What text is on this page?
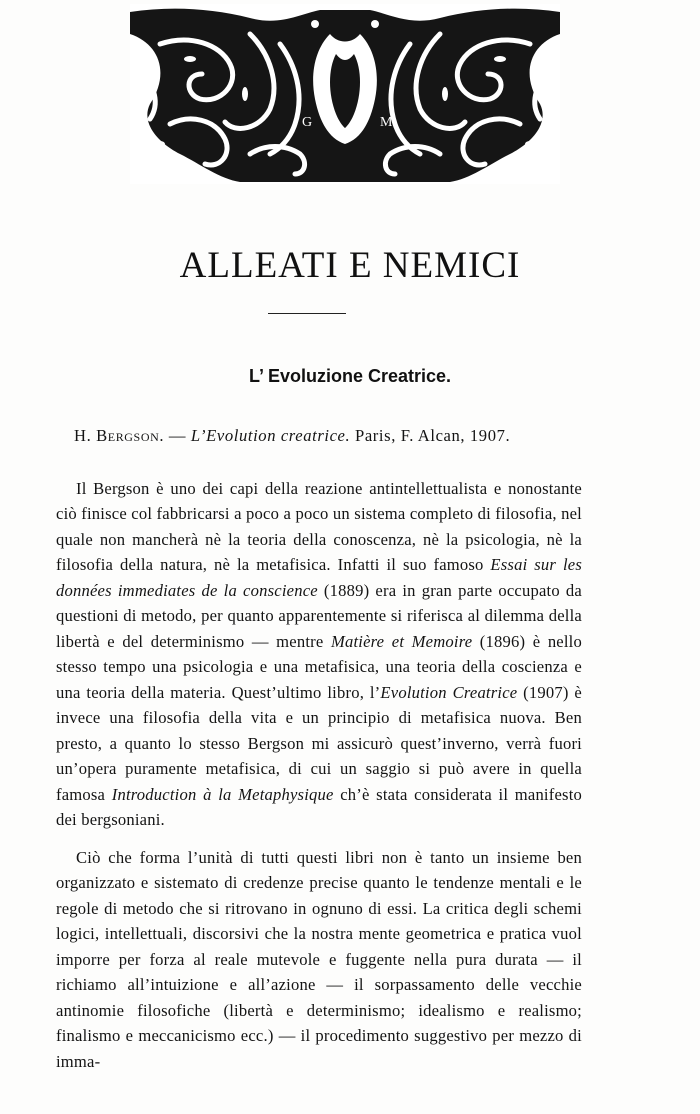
G	M
ALLEATI E NEMICI
L’ Evoluzione Creatrice.
H. Bergson. — L’Evolution creatrice. Paris, F. Alcan, 1907.

Il Bergson è uno dei capi della reazione antintellettualista e nonostante ciò finisce col fabbricarsi a poco a poco un sistema completo di filosofia, nel quale non mancherà nè la teoria della conoscenza, nè la psicologia, nè la filosofia della natura, nè la metafisica. Infatti il suo famoso Essai sur les données immediates de la conscience (1889) era in gran parte occupato da questioni di metodo, per quanto apparentemente si riferisca al dilemma della libertà e del determinismo — mentre Matière et Memoire (1896) è nello stesso tempo una psicologia e una metafisica, una teoria della coscienza e una teoria della materia. Quest’ultimo libro, l’Evolution Creatrice (1907) è invece una filosofia della vita e un principio di metafisica nuova. Ben presto, a quanto lo stesso Bergson mi assicurò quest’inverno, verrà fuori un’opera puramente metafisica, di cui un saggio si può avere in quella famosa Introduction à la Metaphysique ch’è stata considerata il manifesto dei bergsoniani.

Ciò che forma l’unità di tutti questi libri non è tanto un insieme ben organizzato e sistemato di credenze precise quanto le tendenze mentali e le regole di metodo che si ritrovano in ognuno di essi. La critica degli schemi logici, intellettuali, discorsivi che la nostra mente geometrica e pratica vuol imporre per forza al reale mutevole e fuggente nella pura durata — il richiamo all’intuizione e all’azione — il sorpassamento delle vecchie antinomie filosofiche (libertà e determinismo; idealismo e realismo; finalismo e meccanicismo ecc.) — il procedimento suggestivo per mezzo di imma-
